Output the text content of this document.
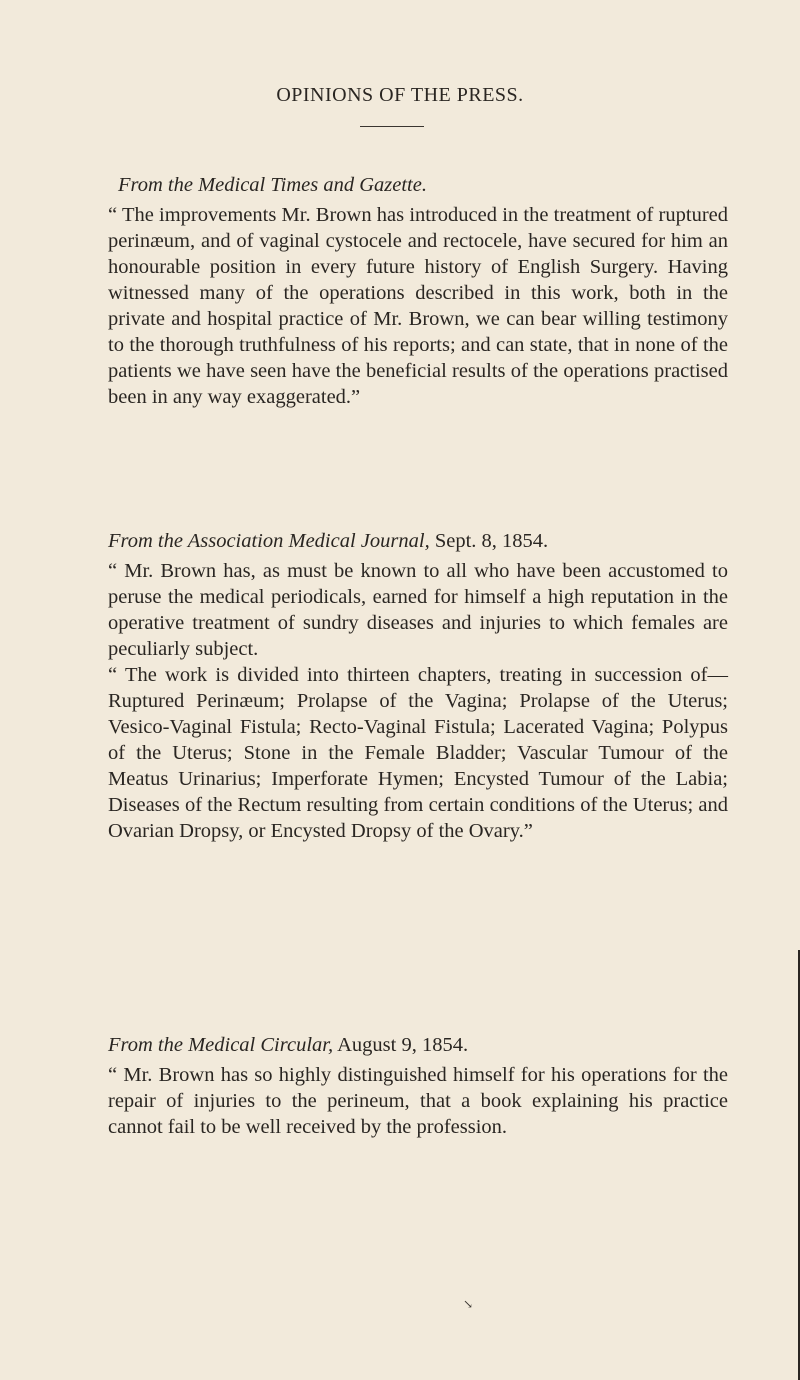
OPINIONS OF THE PRESS.
From the Medical Times and Gazette.

“ The improvements Mr. Brown has introduced in the treatment of ruptured perinæum, and of vaginal cystocele and rectocele, have secured for him an honourable position in every future history of English Surgery. Having witnessed many of the operations described in this work, both in the private and hospital practice of Mr. Brown, we can bear willing testimony to the thorough truthfulness of his reports; and can state, that in none of the patients we have seen have the beneficial results of the operations practised been in any way exaggerated.”

From the Association Medical Journal, Sept. 8, 1854.

“ Mr. Brown has, as must be known to all who have been accustomed to peruse the medical periodicals, earned for himself a high reputation in the operative treatment of sundry diseases and injuries to which females are peculiarly subject.

“ The work is divided into thirteen chapters, treating in succession of—Ruptured Perinæum; Prolapse of the Vagina; Prolapse of the Uterus; Vesico-Vaginal Fistula; Recto-Vaginal Fistula; Lacerated Vagina; Polypus of the Uterus; Stone in the Female Bladder; Vascular Tumour of the Meatus Urinarius; Imperforate Hymen; Encysted Tumour of the Labia; Diseases of the Rectum resulting from certain conditions of the Uterus; and Ovarian Dropsy, or Encysted Dropsy of the Ovary.”

From the Medical Circular, August 9, 1854.

“ Mr. Brown has so highly distinguished himself for his operations for the repair of injuries to the perineum, that a book explaining his practice cannot fail to be well received by the profession.

↘
